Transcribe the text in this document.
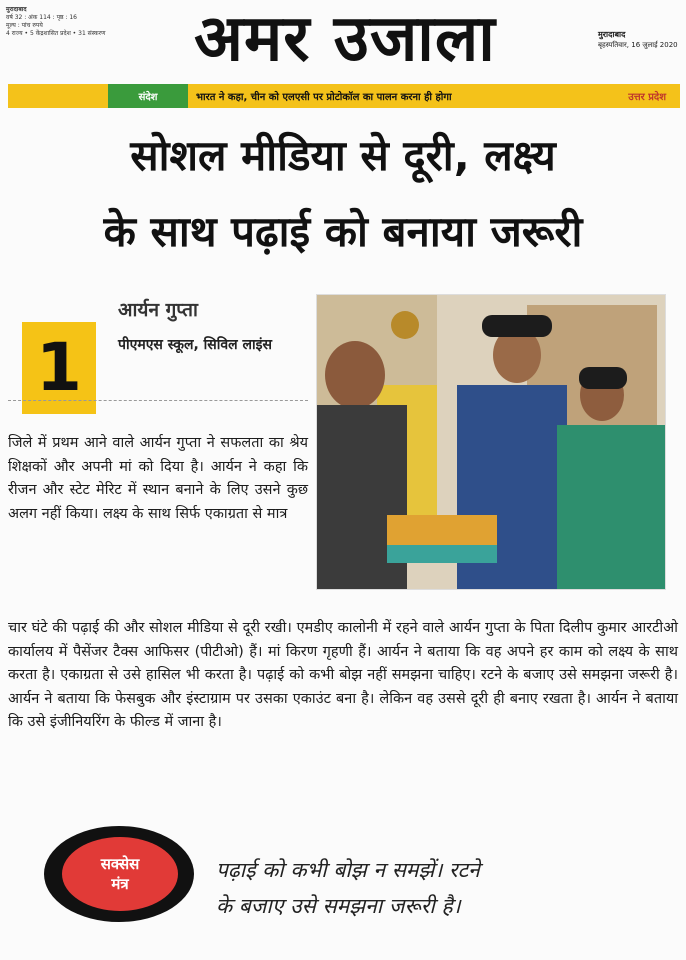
मुरादाबाद
वर्ष 32 : अंक 114 : पृष्ठ : 16
मूल्य : पांच रुपये
4 राज्य • 5 केंद्रशासित प्रदेश • 31 संस्करण	अमर उजाला	मुरादाबाद
बृहस्पतिवार, 16 जुलाई 2020
संदेश	भारत ने कहा, चीन को एलएसी पर प्रोटोकॉल का पालन करना ही होगा	उत्तर प्रदेश
सोशल मीडिया से दूरी, लक्ष्य
के साथ पढ़ाई को बनाया जरूरी
1
आर्यन गुप्ता
पीएमएस स्कूल, सिविल लाइंस
जिले में प्रथम आने वाले आर्यन गुप्ता ने सफलता का श्रेय शिक्षकों और अपनी मां को दिया है। आर्यन ने कहा कि रीजन और स्टेट मेरिट में स्थान बनाने के लिए उसने कुछ अलग नहीं किया। लक्ष्य के साथ सिर्फ एकाग्रता से मात्र
चार घंटे की पढ़ाई की और सोशल मीडिया से दूरी रखी। एमडीए कालोनी में रहने वाले आर्यन गुप्ता के पिता दिलीप कुमार आरटीओ कार्यालय में पैसेंजर टैक्स आफिसर (पीटीओ) हैं। मां किरण गृहणी हैं। आर्यन ने बताया कि वह अपने हर काम को लक्ष्य के साथ करता है। एकाग्रता से उसे हासिल भी करता है। पढ़ाई को कभी बोझ नहीं समझना चाहिए। रटने के बजाए उसे समझना जरूरी है। आर्यन ने बताया कि फेसबुक और इंस्टाग्राम पर उसका एकाउंट बना है। लेकिन वह उससे दूरी ही बनाए रखता है। आर्यन ने बताया कि उसे इंजीनियरिंग के फील्ड में जाना है।
सक्सेस
मंत्र
पढ़ाई को कभी बोझ न समझें। रटने
के बजाए उसे समझना जरूरी है।
